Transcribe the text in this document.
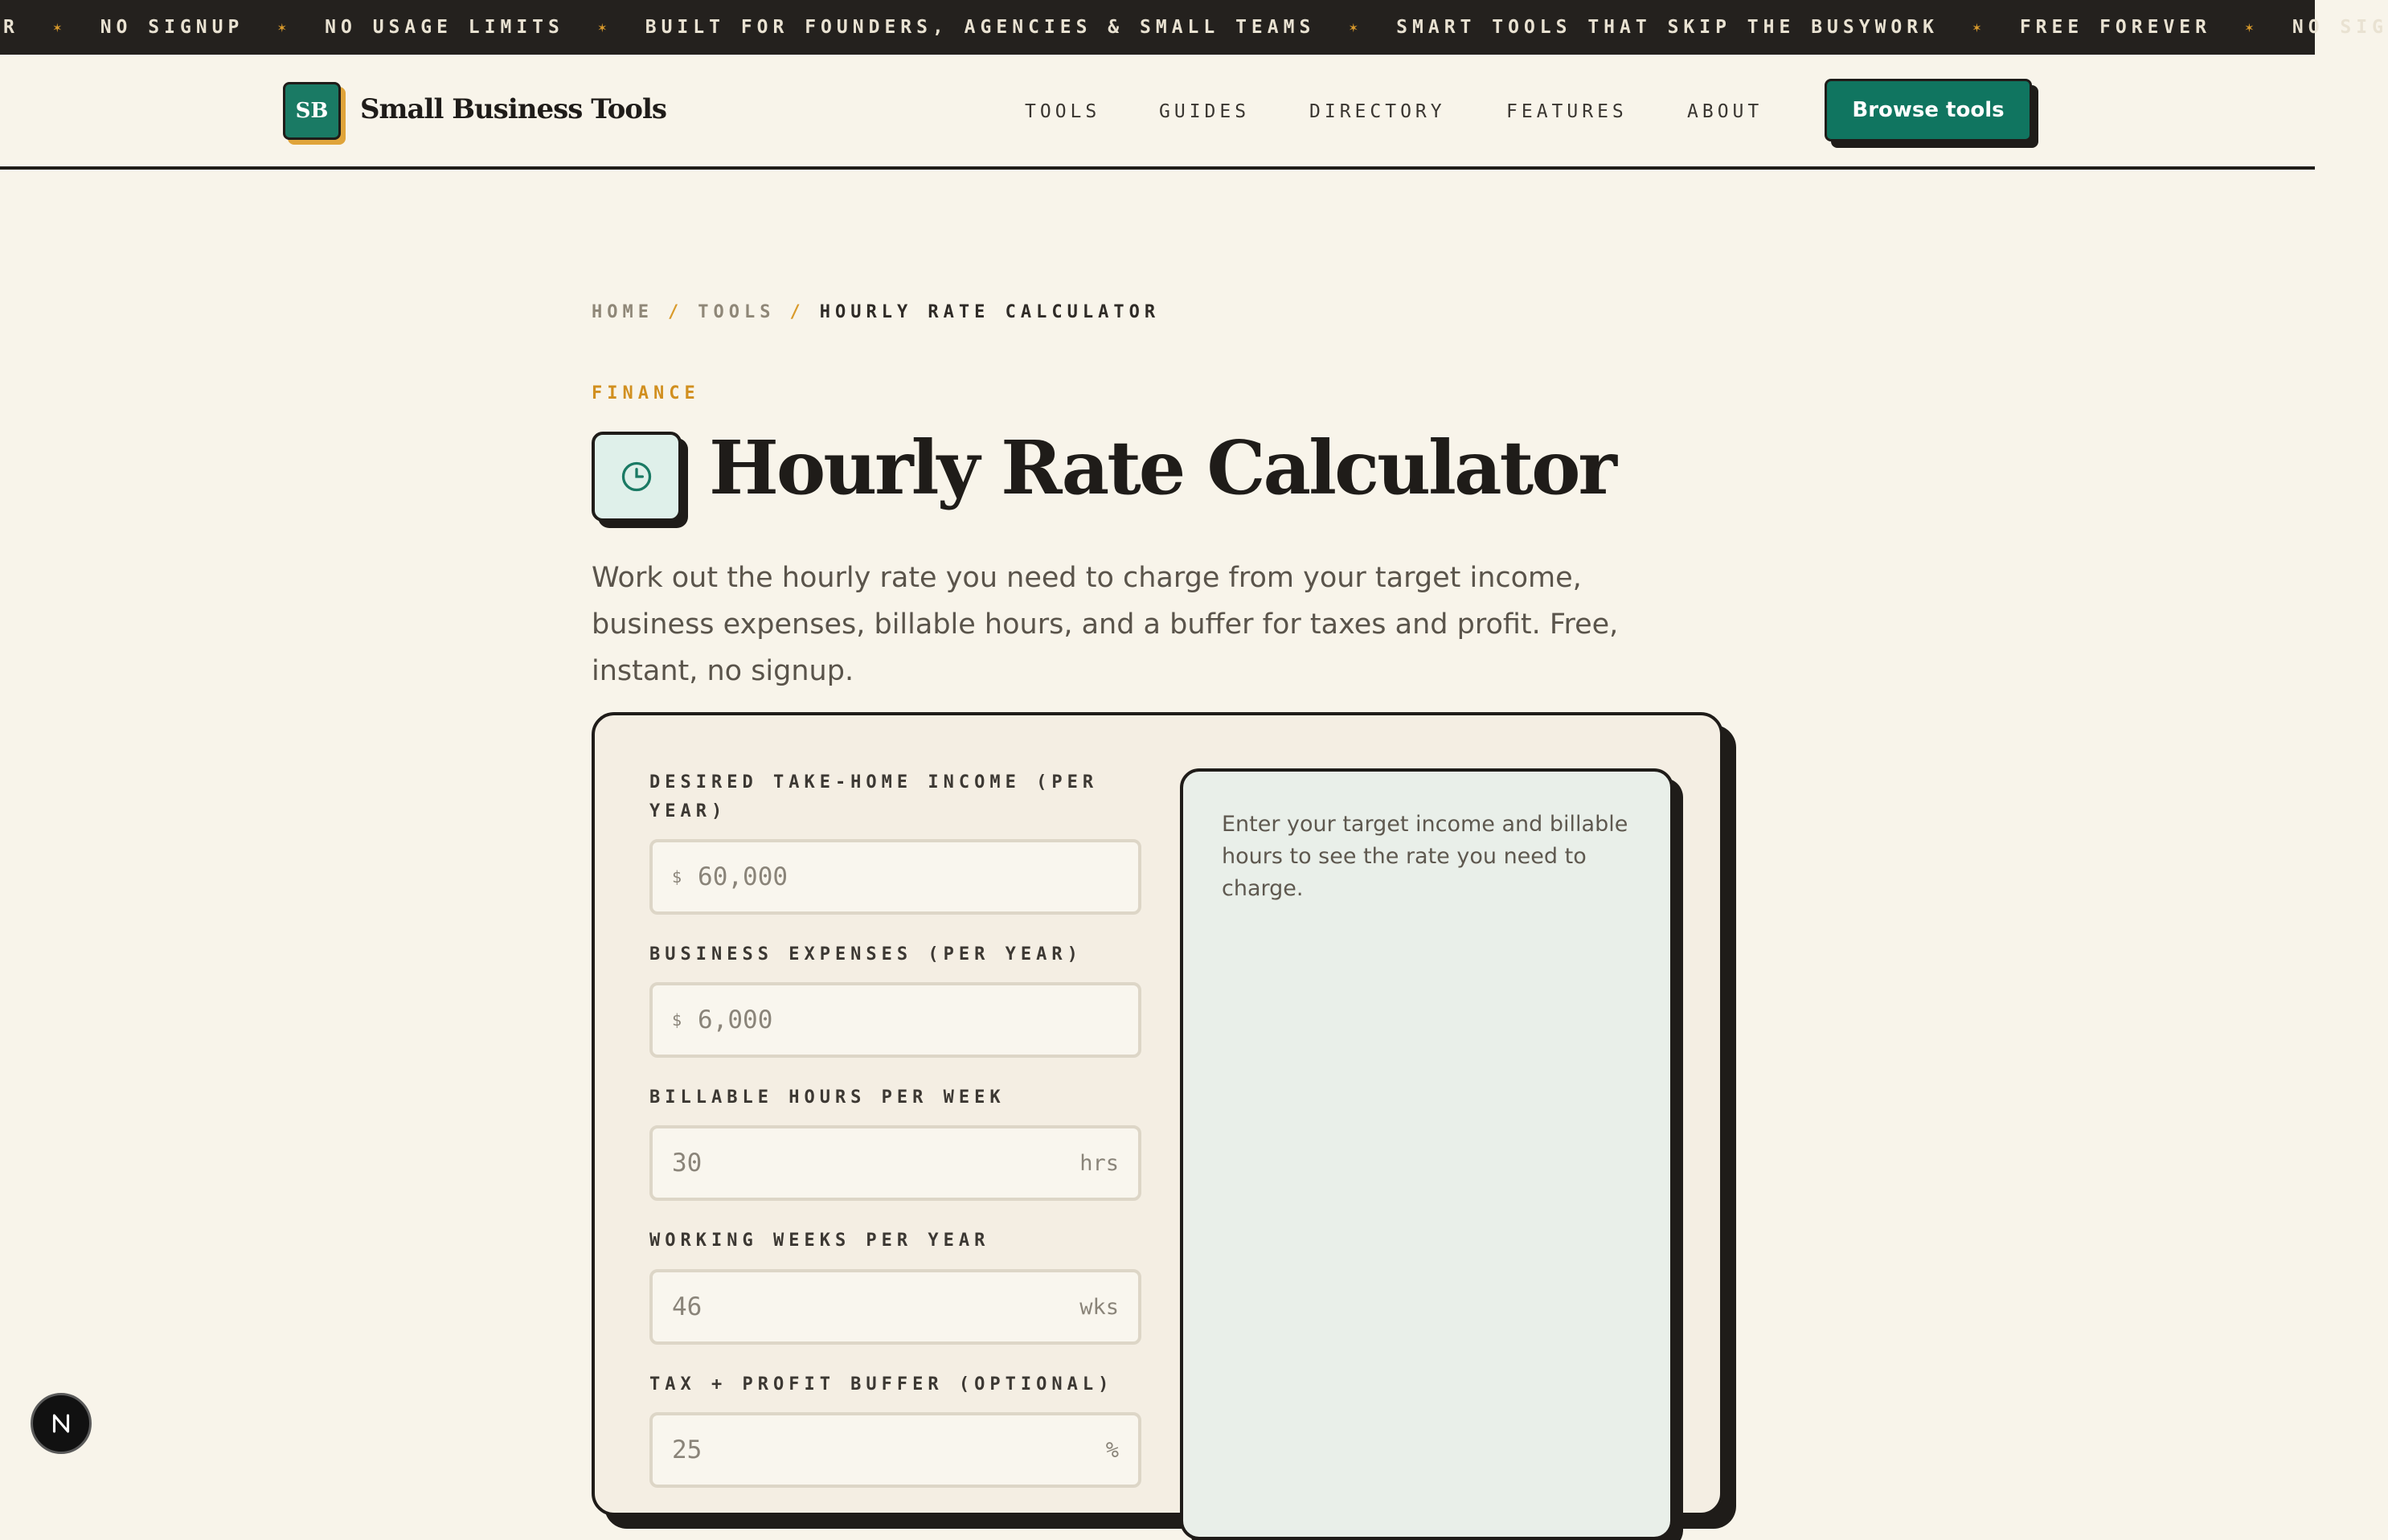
R ✶ NO SIGNUP ✶ NO USAGE LIMITS ✶ BUILT FOR FOUNDERS, AGENCIES & SMALL TEAMS ✶ SMART TOOLS THAT SKIP THE BUSYWORK ✶ FREE FOREVER ✶ NO SIG
SB	Small Business Tools	TOOLS	GUIDES	DIRECTORY	FEATURES	ABOUT	Browse tools
HOME / TOOLS / HOURLY RATE CALCULATOR
FINANCE
Hourly Rate Calculator

Work out the hourly rate you need to charge from your target income, business expenses, billable hours, and a buffer for taxes and profit. Free, instant, no signup.

DESIRED TAKE-HOME INCOME (PER YEAR)
$ 60,000
BUSINESS EXPENSES (PER YEAR)
$ 6,000
BILLABLE HOURS PER WEEK
30	hrs
WORKING WEEKS PER YEAR
46	wks
TAX + PROFIT BUFFER (OPTIONAL)
25	%

Enter your target income and billable hours to see the rate you need to charge.
